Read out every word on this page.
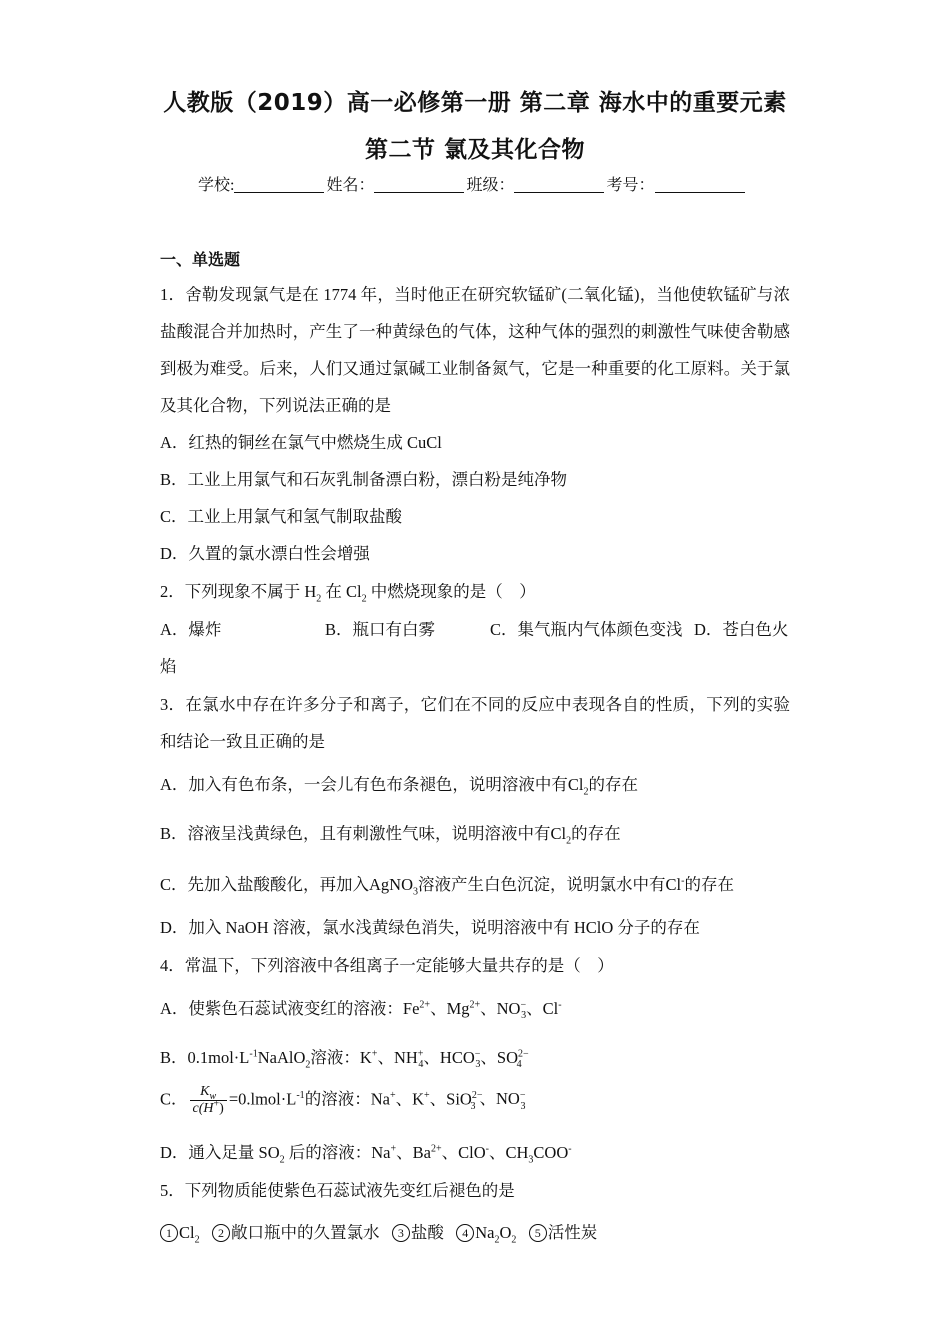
人教版（2019）高一必修第一册 第二章 海水中的重要元素
第二节 氯及其化合物
学校:	姓名：	班级：	考号：
一、单选题
1．舍勒发现氯气是在 1774 年，当时他正在研究软锰矿(二氧化锰)，当他使软锰矿与浓
盐酸混合并加热时，产生了一种黄绿色的气体，这种气体的强烈的刺激性气味使舍勒感
到极为难受。后来，人们又通过氯碱工业制备氮气，它是一种重要的化工原料。关于氯
及其化合物，下列说法正确的是
A．红热的铜丝在氯气中燃烧生成 CuCl
B．工业上用氯气和石灰乳制备漂白粉，漂白粉是纯净物
C．工业上用氯气和氢气制取盐酸
D．久置的氯水漂白性会增强
2．下列现象不属于 $H_2$ 在 $Cl_2$ 中燃烧现象的是（　）
A．爆炸	B．瓶口有白雾	C．集气瓶内气体颜色变浅 D．苍白色火
焰
3．在氯水中存在许多分子和离子，它们在不同的反应中表现各自的性质，下列的实验
和结论一致且正确的是
A．加入有色布条，一会儿有色布条褪色，说明溶液中有$Cl_2$的存在
B．溶液呈浅黄绿色，且有刺激性气味，说明溶液中有$Cl_2$的存在
C．先加入盐酸酸化，再加入AgNO$_3$溶液产生白色沉淀，说明氯水中有Cl-的存在
D．加入 NaOH 溶液，氯水浅黄绿色消失，说明溶液中有 HClO 分子的存在
4．常温下，下列溶液中各组离子一定能够大量共存的是（　）
A．使紫色石蕊试液变红的溶液：$Fe^{2+}$、$Mg^{2+}$、$NO^-_3$、Cl-
B．$0.1mol\cdot L^{-1}NaAlO_2$溶液：K+、$NH^+_4$、$HCO^-_3$、$SO^{2-}_4$
C． $\frac{K_w}{c(H^+)}$ $=0.lmol\cdot L^{-1}$的溶液：Na+、K+、SiO$^{2-}_3$ 、$NO^-_3$
D．通入足量 $SO_2$ 后的溶液：Na+、$Ba^{2+}$、ClO-、$CH_3COO^-$
5．下列物质能使紫色石蕊试液先变红后褪色的是
1 $Cl_2$ 2 敞口瓶中的久置氯水 3 盐酸 4 $Na_2O_2$ 5 活性炭
